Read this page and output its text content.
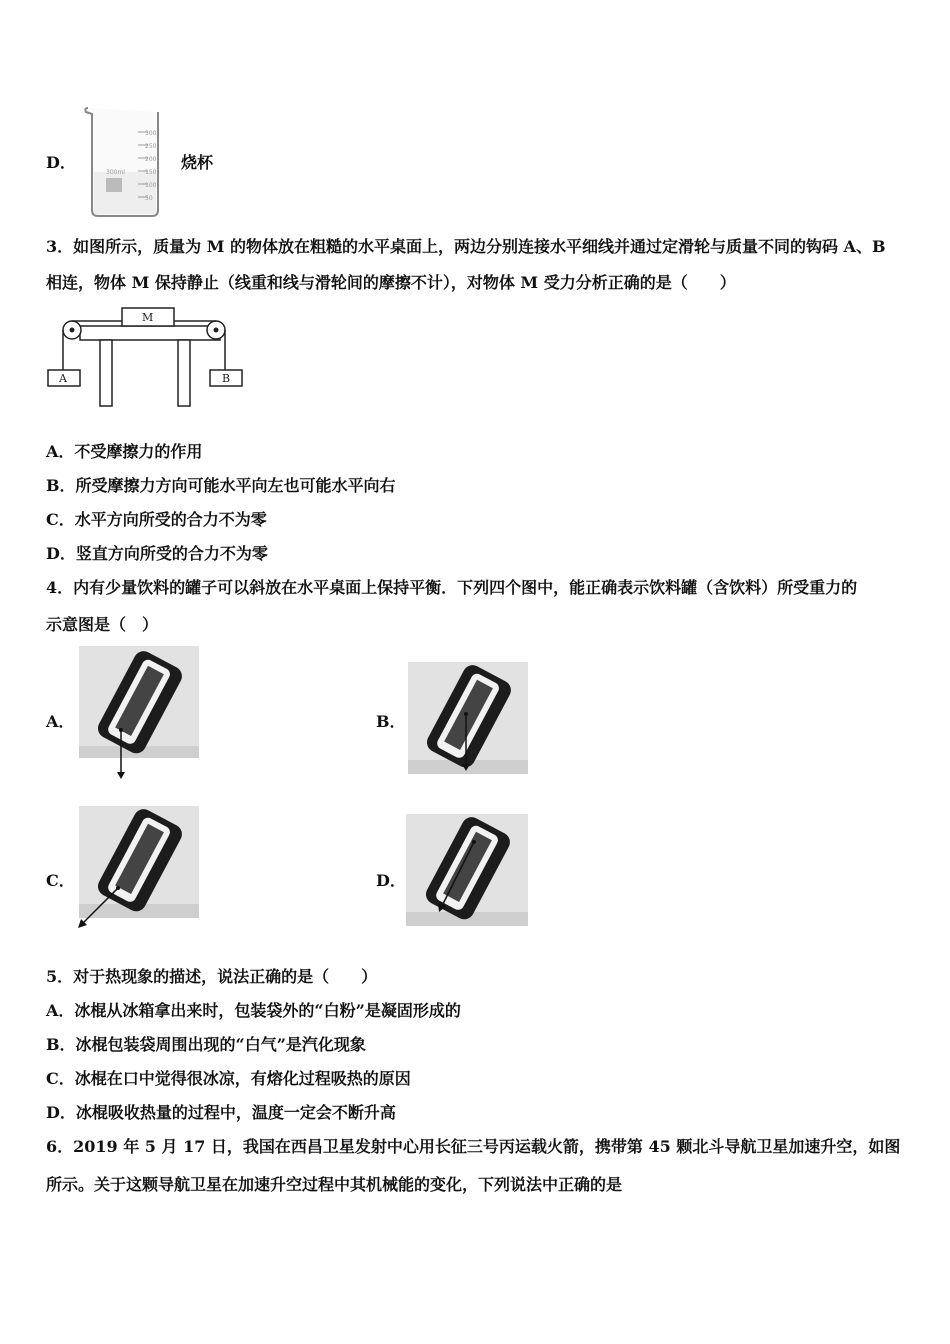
D．
300
250
200
150
100
50
300ml
烧杯
3．如图所示，质量为 M 的物体放在粗糙的水平桌面上，两边分别连接水平细线并通过定滑轮与质量不同的钩码 A、B
相连，物体 M 保持静止（线重和线与滑轮间的摩擦不计），对物体 M 受力分析正确的是（　　）
M
A	B
A．不受摩擦力的作用
B．所受摩擦力方向可能水平向左也可能水平向右
C．水平方向所受的合力不为零
D．竖直方向所受的合力不为零
4．内有少量饮料的罐子可以斜放在水平桌面上保持平衡．下列四个图中，能正确表示饮料罐（含饮料）所受重力的
示意图是（　）
A．	B．
C．	D．
5．对于热现象的描述，说法正确的是（　　）
A．冰棍从冰箱拿出来时，包装袋外的“白粉”是凝固形成的
B．冰棍包装袋周围出现的“白气”是汽化现象
C．冰棍在口中觉得很冰凉，有熔化过程吸热的原因
D．冰棍吸收热量的过程中，温度一定会不断升高
6．2019 年 5 月 17 日，我国在西昌卫星发射中心用长征三号丙运载火箭，携带第 45 颗北斗导航卫星加速升空，如图
所示。关于这颗导航卫星在加速升空过程中其机械能的变化，下列说法中正确的是
